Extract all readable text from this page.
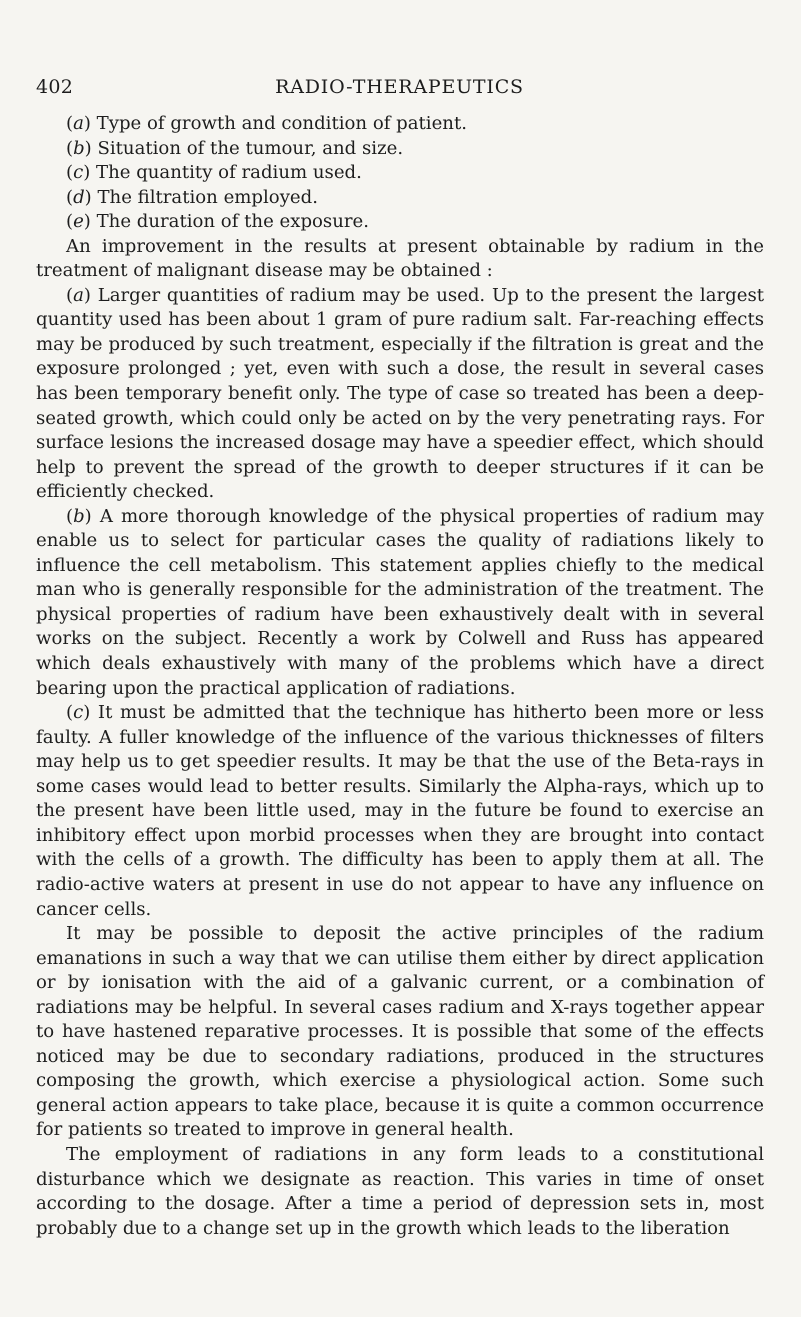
402	RADIO-THERAPEUTICS

(a) Type of growth and condition of patient.

(b) Situation of the tumour, and size.

(c) The quantity of radium used.

(d) The filtration employed.

(e) The duration of the exposure.

An improvement in the results at present obtainable by radium in the treatment of malignant disease may be obtained :

(a) Larger quantities of radium may be used. Up to the present the largest quantity used has been about 1 gram of pure radium salt. Far-reaching effects may be produced by such treatment, especially if the filtration is great and the exposure prolonged ; yet, even with such a dose, the result in several cases has been temporary benefit only. The type of case so treated has been a deep-seated growth, which could only be acted on by the very penetrating rays. For surface lesions the increased dosage may have a speedier effect, which should help to prevent the spread of the growth to deeper structures if it can be efficiently checked.

(b) A more thorough knowledge of the physical properties of radium may enable us to select for particular cases the quality of radiations likely to influence the cell metabolism. This statement applies chiefly to the medical man who is generally responsible for the administration of the treatment. The physical properties of radium have been exhaustively dealt with in several works on the subject. Recently a work by Colwell and Russ has appeared which deals exhaustively with many of the problems which have a direct bearing upon the practical application of radiations.

(c) It must be admitted that the technique has hitherto been more or less faulty. A fuller knowledge of the influence of the various thicknesses of filters may help us to get speedier results. It may be that the use of the Beta-rays in some cases would lead to better results. Similarly the Alpha-rays, which up to the present have been little used, may in the future be found to exercise an inhibitory effect upon morbid processes when they are brought into contact with the cells of a growth. The difficulty has been to apply them at all. The radio-active waters at present in use do not appear to have any influence on cancer cells.

It may be possible to deposit the active principles of the radium emanations in such a way that we can utilise them either by direct application or by ionisation with the aid of a galvanic current, or a combination of radiations may be helpful. In several cases radium and X-rays together appear to have hastened reparative processes. It is possible that some of the effects noticed may be due to secondary radiations, produced in the structures composing the growth, which exercise a physiological action. Some such general action appears to take place, because it is quite a common occurrence for patients so treated to improve in general health.

The employment of radiations in any form leads to a constitutional disturbance which we designate as reaction. This varies in time of onset according to the dosage. After a time a period of depression sets in, most probably due to a change set up in the growth which leads to the liberation
